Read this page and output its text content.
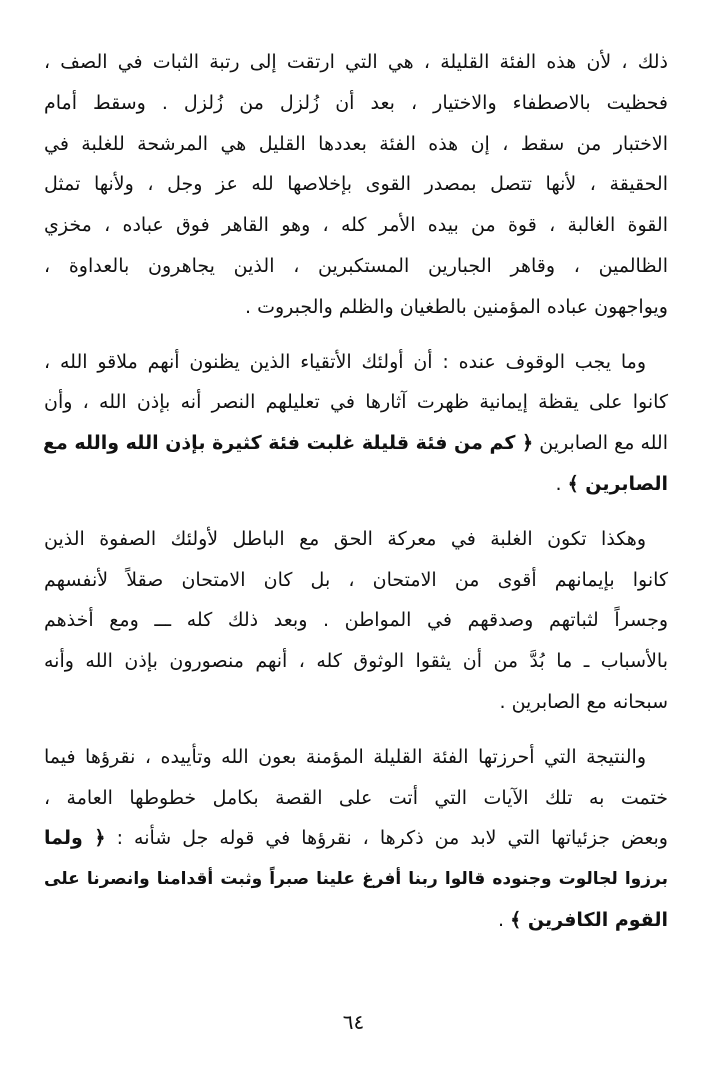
ذلك ، لأن هذه الفئة القليلة ، هي التي ارتقت إلى رتبة الثبات في الصف ،
فحظيت بالاصطفاء والاختيار ، بعد أن زُلزل من زُلزل . وسقط أمام
الاختبار من سقط ، إن هذه الفئة بعددها القليل هي المرشحة للغلبة في
الحقيقة ، لأنها تتصل بمصدر القوى بإخلاصها لله عز وجل ، ولأنها تمثل
القوة الغالبة ، قوة من بيده الأمر كله ، وهو القاهر فوق عباده ، مخزي
الظالمين ، وقاهر الجبارين المستكبرين ، الذين يجاهرون بالعداوة ،
ويواجهون عباده المؤمنين بالطغيان والظلم والجبروت .
وما يجب الوقوف عنده : أن أولئك الأتقياء الذين يظنون أنهم ملاقو الله ،
كانوا على يقظة إيمانية ظهرت آثارها في تعليلهم النصر أنه بإذن الله ، وأن
الله مع الصابرين ﴿ كم من فئة قليلة غلبت فئة كثيرة بإذن الله والله مع
الصابرين ﴾ .
وهكذا تكون الغلبة في معركة الحق مع الباطل لأولئك الصفوة الذين
كانوا بإيمانهم أقوى من الامتحان ، بل كان الامتحان صقلاً لأنفسهم
وجسراً لثباتهم وصدقهم في المواطن . وبعد ذلك كله ـــ ومع أخذهم
بالأسباب ـ ما بُدَّ من أن يثقوا الوثوق كله ، أنهم منصورون بإذن الله وأنه
سبحانه مع الصابرين .
والنتيجة التي أحرزتها الفئة القليلة المؤمنة بعون الله وتأييده ، نقرؤها فيما
ختمت به تلك الآيات التي أتت على القصة بكامل خطوطها العامة ،
وبعض جزئياتها التي لابد من ذكرها ، نقرؤها في قوله جل شأنه : ﴿ ولما
برزوا لجالوت وجنوده قالوا ربنا أفرغ علينا صبراً وثبت أقدامنا وانصرنا على
القوم الكافرين ﴾ .
٦٤
